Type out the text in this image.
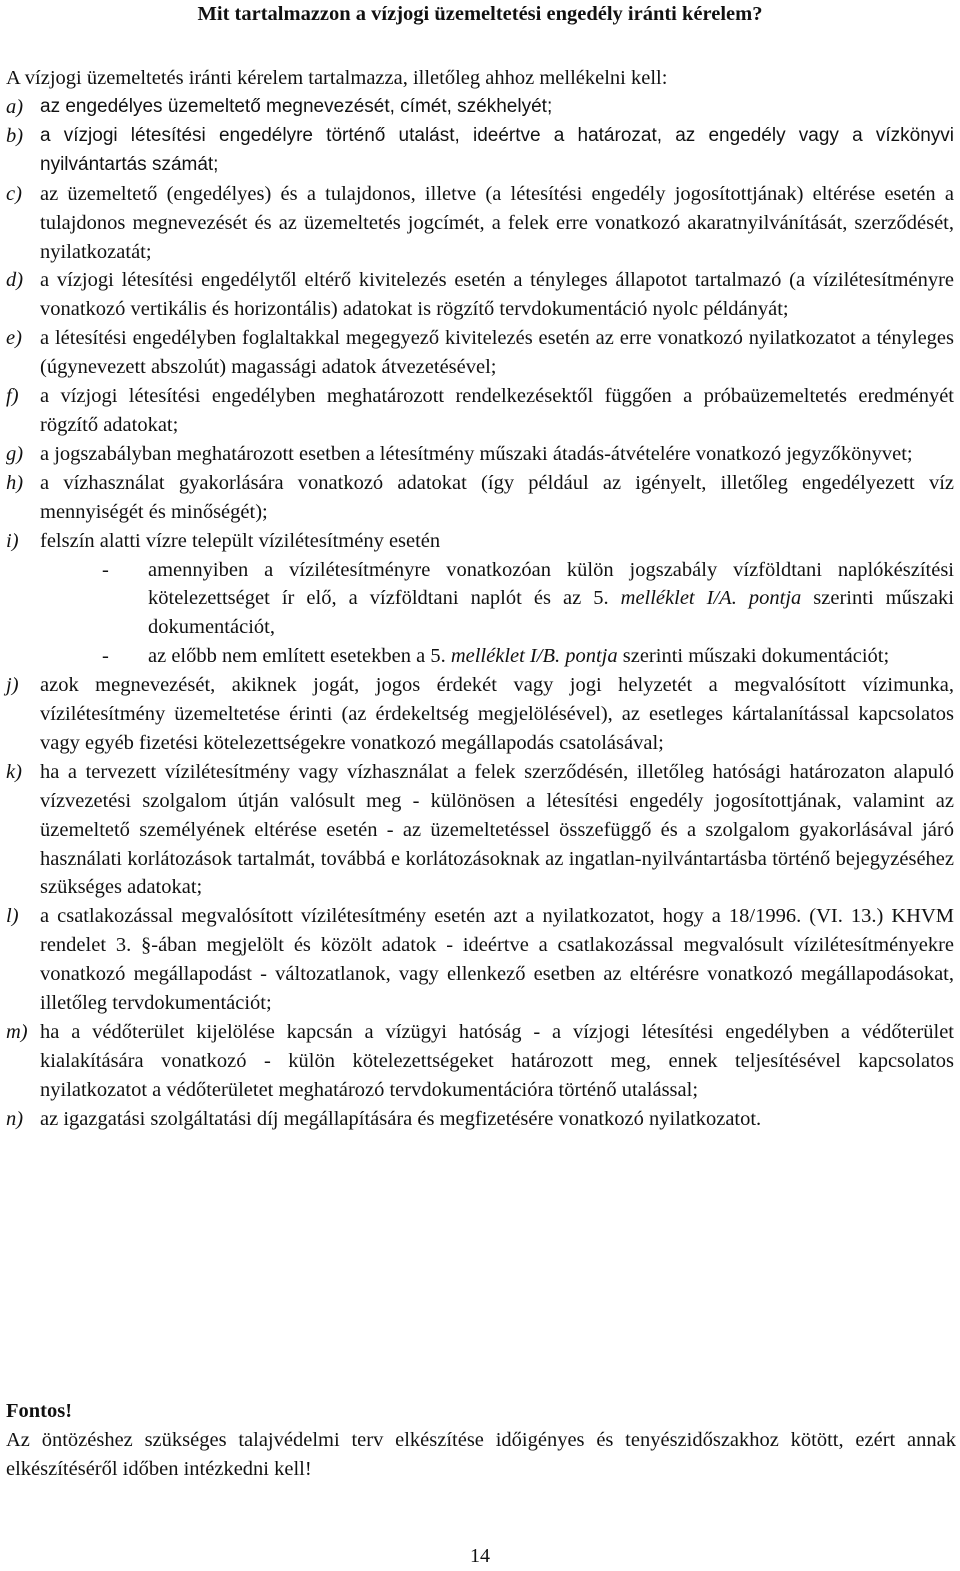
Mit tartalmazzon a vízjogi üzemeltetési engedély iránti kérelem?
A vízjogi üzemeltetés iránti kérelem tartalmazza, illetőleg ahhoz mellékelni kell:
a) az engedélyes üzemeltető megnevezését, címét, székhelyét;
b) a vízjogi létesítési engedélyre történő utalást, ideértve a határozat, az engedély vagy a vízkönyvi nyilvántartás számát;
c) az üzemeltető (engedélyes) és a tulajdonos, illetve (a létesítési engedély jogosítottjának) eltérése esetén a tulajdonos megnevezését és az üzemeltetés jogcímét, a felek erre vonatkozó akaratnyilvánítását, szerződését, nyilatkozatát;
d) a vízjogi létesítési engedélytől eltérő kivitelezés esetén a tényleges állapotot tartalmazó (a vízilétesítményre vonatkozó vertikális és horizontális) adatokat is rögzítő tervdokumentáció nyolc példányát;
e) a létesítési engedélyben foglaltakkal megegyező kivitelezés esetén az erre vonatkozó nyilatkozatot a tényleges (úgynevezett abszolút) magassági adatok átvezetésével;
f)	a vízjogi létesítési engedélyben meghatározott rendelkezésektől függően a próbaüzemeltetés eredményét rögzítő adatokat;
g) a jogszabályban meghatározott esetben a létesítmény műszaki átadás-átvételére vonatkozó jegyzőkönyvet;
h) a vízhasználat gyakorlására vonatkozó adatokat (így például az igényelt, illetőleg engedélyezett víz mennyiségét és minőségét);
i)	felszín alatti vízre települt vízilétesítmény esetén
-	amennyiben a vízilétesítményre vonatkozóan külön jogszabály vízföldtani naplókészítési kötelezettséget ír elő, a vízföldtani naplót és az 5. melléklet I/A. pontja szerinti műszaki dokumentációt,
-	az előbb nem említett esetekben a 5. melléklet I/B. pontja szerinti műszaki dokumentációt;
j)	azok megnevezését, akiknek jogát, jogos érdekét vagy jogi helyzetét a megvalósított vízimunka, vízilétesítmény üzemeltetése érinti (az érdekeltség megjelölésével), az esetleges kártalanítással kapcsolatos vagy egyéb fizetési kötelezettségekre vonatkozó megállapodás csatolásával;
k) ha a tervezett vízilétesítmény vagy vízhasználat a felek szerződésén, illetőleg hatósági határozaton alapuló vízvezetési szolgalom útján valósult meg - különösen a létesítési engedély jogosítottjának, valamint az üzemeltető személyének eltérése esetén - az üzemeltetéssel összefüggő és a szolgalom gyakorlásával járó használati korlátozások tartalmát, továbbá e korlátozásoknak az ingatlan-nyilvántartásba történő bejegyzéséhez szükséges adatokat;
l)	a csatlakozással megvalósított vízilétesítmény esetén azt a nyilatkozatot, hogy a 18/1996. (VI. 13.) KHVM rendelet 3. §-ában megjelölt és közölt adatok - ideértve a csatlakozással megvalósult vízilétesítményekre vonatkozó megállapodást - változatlanok, vagy ellenkező esetben az eltérésre vonatkozó megállapodásokat, illetőleg tervdokumentációt;
m) ha a védőterület kijelölése kapcsán a vízügyi hatóság - a vízjogi létesítési engedélyben a védőterület kialakítására vonatkozó - külön kötelezettségeket határozott meg, ennek teljesítésével kapcsolatos nyilatkozatot a védőterületet meghatározó tervdokumentációra történő utalással;
n) az igazgatási szolgáltatási díj megállapítására és megfizetésére vonatkozó nyilatkozatot.
Fontos!
Az öntözéshez szükséges talajvédelmi terv elkészítése időigényes és tenyészidőszakhoz kötött, ezért annak elkészítéséről időben intézkedni kell!
14
